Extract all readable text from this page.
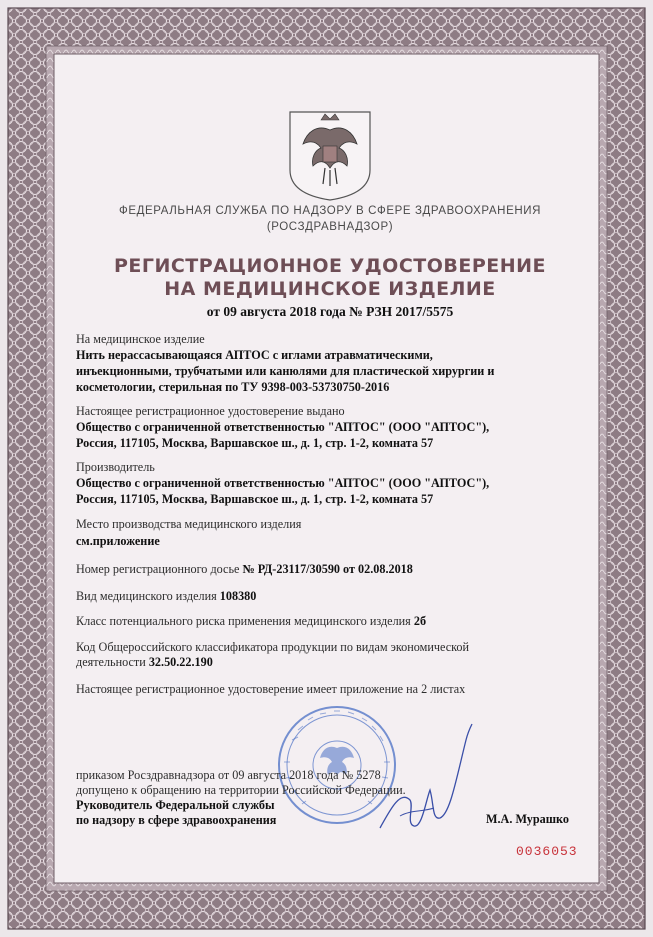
ФЕДЕРАЛЬНАЯ СЛУЖБА ПО НАДЗОРУ В СФЕРЕ ЗДРАВООХРАНЕНИЯ
(РОСЗДРАВНАДЗОР)
РЕГИСТРАЦИОННОЕ УДОСТОВЕРЕНИЕ
НА МЕДИЦИНСКОЕ ИЗДЕЛИЕ
от 09 августа 2018 года № РЗН 2017/5575
На медицинское изделие
Нить нерассасывающаяся АПТОС с иглами атравматическими,
инъекционными, трубчатыми или канюлями для пластической хирургии и
косметологии, стерильная по ТУ 9398-003-53730750-2016
Настоящее регистрационное удостоверение выдано
Общество с ограниченной ответственностью "АПТОС" (ООО "АПТОС"),
Россия, 117105, Москва, Варшавское ш., д. 1, стр. 1-2, комната 57
Производитель
Общество с ограниченной ответственностью "АПТОС" (ООО "АПТОС"),
Россия, 117105, Москва, Варшавское ш., д. 1, стр. 1-2, комната 57
Место производства медицинского изделия
см.приложение
Номер регистрационного досье № РД-23117/30590 от 02.08.2018
Вид медицинского изделия 108380
Класс потенциального риска применения медицинского изделия 2б
Код Общероссийского классификатора продукции по видам экономической
деятельности 32.50.22.190
Настоящее регистрационное удостоверение имеет приложение на 2 листах
приказом Росздравнадзора от 09 августа 2018 года № 5278
допущено к обращению на территории Российской Федерации.
Руководитель Федеральной службы
по надзору в сфере здравоохранения	М.А. Мурашко
0036053
